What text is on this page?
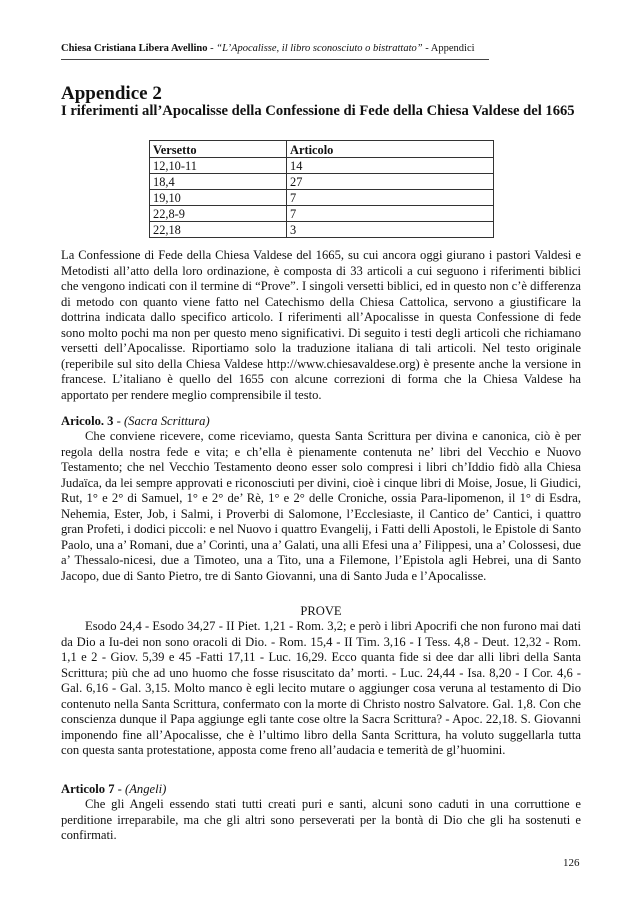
Chiesa Cristiana Libera Avellino - “L’Apocalisse, il libro sconosciuto o bistrattato” - Appendici
Appendice 2
I riferimenti all’Apocalisse della Confessione di Fede della Chiesa Valdese del 1665
Versetto	Articolo
12,10-11	14
18,4	27
19,10	7
22,8-9	7
22,18	3
La Confessione di Fede della Chiesa Valdese del 1665, su cui ancora oggi giurano i pastori Valdesi e Metodisti all’atto della loro ordinazione, è composta di 33 articoli a cui seguono i riferimenti biblici che vengono indicati con il termine di “Prove”. I singoli versetti biblici, ed in questo non c’è differenza di metodo con quanto viene fatto nel Catechismo della Chiesa Cattolica, servono a giustificare la dottrina indicata dallo specifico articolo. I riferimenti all’Apocalisse in questa Confessione di fede sono molto pochi ma non per questo meno significativi. Di seguito i testi degli articoli che richiamano versetti dell’Apocalisse. Riportiamo solo la traduzione italiana di tali articoli. Nel testo originale (reperibile sul sito della Chiesa Valdese http://www.chiesavaldese.org) è presente anche la versione in francese. L’italiano è quello del 1655 con alcune correzioni di forma che la Chiesa Valdese ha apportato per rendere meglio comprensibile il testo.
Aricolo. 3 - (Sacra Scrittura)
Che conviene ricevere, come riceviamo, questa Santa Scrittura per divina e canonica, ciò è per regola della nostra fede e vita; e ch’ella è pienamente contenuta ne’ libri del Vecchio e Nuovo Testamento; che nel Vecchio Testamento deono esser solo compresi i libri ch’Iddio fidò alla Chiesa Judaïca, da lei sempre approvati e riconosciuti per divini, cioè i cinque libri di Moise, Josue, li Giudici, Rut, 1° e 2° di Samuel, 1° e 2° de’ Rè, 1° e 2° delle Croniche, ossia Para-lipomenon, il 1° di Esdra, Nehemia, Ester, Job, i Salmi, i Proverbi di Salomone, l’Ecclesiaste, il Cantico de’ Cantici, i quattro gran Profeti, i dodici piccoli: e nel Nuovo i quattro Evangelij, i Fatti delli Apostoli, le Epistole di Santo Paolo, una a’ Romani, due a’ Corinti, una a’ Galati, una alli Efesi una a’ Filippesi, una a’ Colossesi, due a’ Thessalo-nicesi, due a Timoteo, una a Tito, una a Filemone, l’Epistola agli Hebrei, una di Santo Jacopo, due di Santo Pietro, tre di Santo Giovanni, una di Santo Juda e l’Apocalisse.
PROVE
Esodo 24,4 - Esodo 34,27 - II Piet. 1,21 - Rom. 3,2; e però i libri Apocrifi che non furono mai dati da Dio a Iu-dei non sono oracoli di Dio. - Rom. 15,4 - II Tim. 3,16 - I Tess. 4,8 - Deut. 12,32 - Rom. 1,1 e 2 - Giov. 5,39 e 45 -Fatti 17,11 - Luc. 16,29. Ecco quanta fide si dee dar alli libri della Santa Scrittura; più che ad uno huomo che fosse risuscitato da’ morti. - Luc. 24,44 - Isa. 8,20 - I Cor. 4,6 - Gal. 6,16 - Gal. 3,15. Molto manco è egli lecito mutare o aggiunger cosa veruna al testamento di Dio contenuto nella Santa Scrittura, confermato con la morte di Christo nostro Salvatore. Gal. 1,8. Con che conscienza dunque il Papa aggiunge egli tante cose oltre la Sacra Scrittura? - Apoc. 22,18. S. Giovanni imponendo fine all’Apocalisse, che è l’ultimo libro della Santa Scrittura, ha voluto suggellarla tutta con questa santa protestatione, apposta come freno all’audacia e temerità de gl’huomini.
Articolo 7 - (Angeli)
Che gli Angeli essendo stati tutti creati puri e santi, alcuni sono caduti in una corruttione e perditione irreparabile, ma che gli altri sono perseverati per la bontà di Dio che gli ha sostenuti e confirmati.
126
